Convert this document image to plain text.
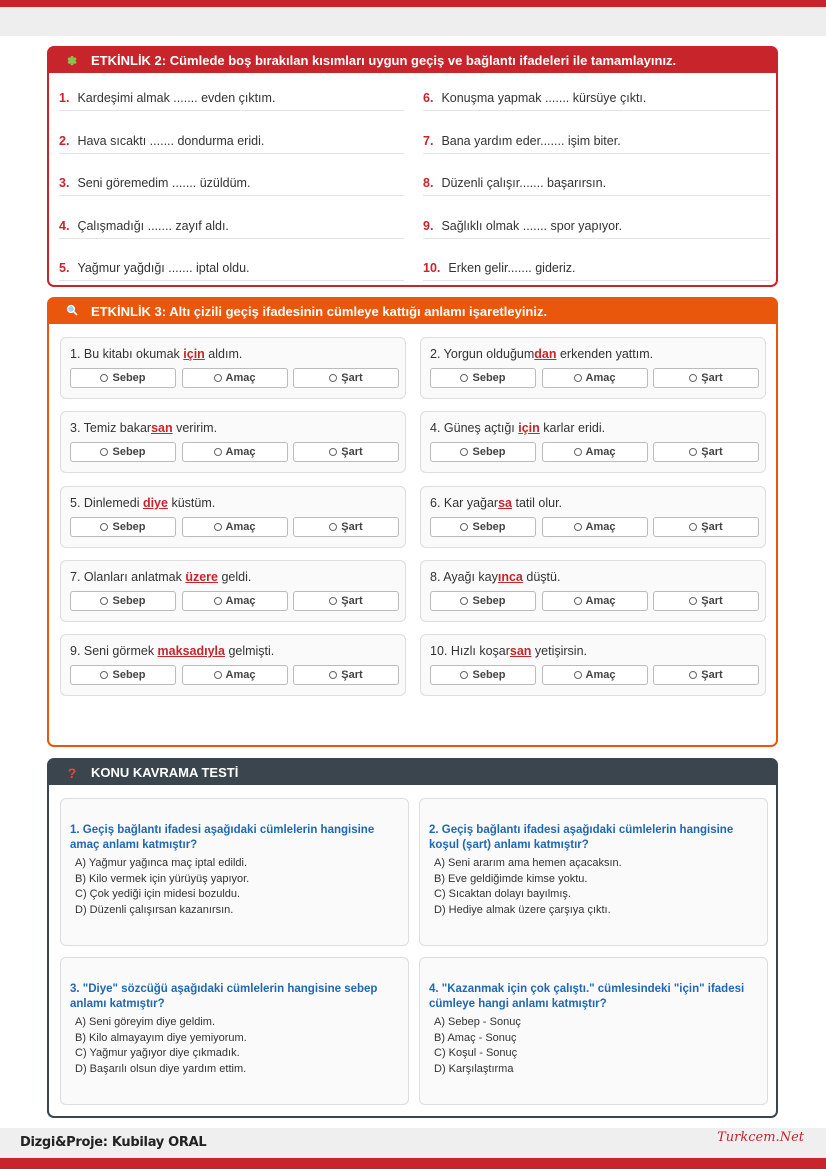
✽ ETKİNLİK 2: Cümlede boş bırakılan kısımları uygun geçiş ve bağlantı ifadeleri ile tamamlayınız.
1. Kardeşimi almak ....... evden çıktım.
2. Hava sıcaktı ....... dondurma eridi.
3. Seni göremedim ....... üzüldüm.
4. Çalışmadığı ....... zayıf aldı.
5. Yağmur yağdığı ....... iptal oldu.
6. Konuşma yapmak ....... kürsüye çıktı.
7. Bana yardım eder....... işim biter.
8. Düzenli çalışır....... başarırsın.
9. Sağlıklı olmak ....... spor yapıyor.
10. Erken gelir....... gideriz.
ETKİNLİK 3: Altı çizili geçiş ifadesinin cümleye kattığı anlamı işaretleyiniz.
1. Bu kitabı okumak için aldım.
Sebep	Amaç	Şart
2. Yorgun olduğumdan erkenden yattım.
Sebep	Amaç	Şart
3. Temiz bakarsan veririm.
Sebep	Amaç	Şart
4. Güneş açtığı için karlar eridi.
Sebep	Amaç	Şart
5. Dinlemedi diye küstüm.
Sebep	Amaç	Şart
6. Kar yağarsa tatil olur.
Sebep	Amaç	Şart
7. Olanları anlatmak üzere geldi.
Sebep	Amaç	Şart
8. Ayağı kayınca düştü.
Sebep	Amaç	Şart
9. Seni görmek maksadıyla gelmişti.
Sebep	Amaç	Şart
10. Hızlı koşarsan yetişirsin.
Sebep	Amaç	Şart
? KONU KAVRAMA TESTİ
1. Geçiş bağlantı ifadesi aşağıdaki cümlelerin hangisine amaç anlamı katmıştır?
A) Yağmur yağınca maç iptal edildi.
B) Kilo vermek için yürüyüş yapıyor.
C) Çok yediği için midesi bozuldu.
D) Düzenli çalışırsan kazanırsın.
2. Geçiş bağlantı ifadesi aşağıdaki cümlelerin hangisine koşul (şart) anlamı katmıştır?
A) Seni ararım ama hemen açacaksın.
B) Eve geldiğimde kimse yoktu.
C) Sıcaktan dolayı bayılmış.
D) Hediye almak üzere çarşıya çıktı.
3. "Diye" sözcüğü aşağıdaki cümlelerin hangisine sebep anlamı katmıştır?
A) Seni göreyim diye geldim.
B) Kilo almayayım diye yemiyorum.
C) Yağmur yağıyor diye çıkmadık.
D) Başarılı olsun diye yardım ettim.
4. "Kazanmak için çok çalıştı." cümlesindeki "için" ifadesi cümleye hangi anlamı katmıştır?
A) Sebep - Sonuç
B) Amaç - Sonuç
C) Koşul - Sonuç
D) Karşılaştırma
Dizgi&Proje: Kubilay ORAL	Turkcem.Net
